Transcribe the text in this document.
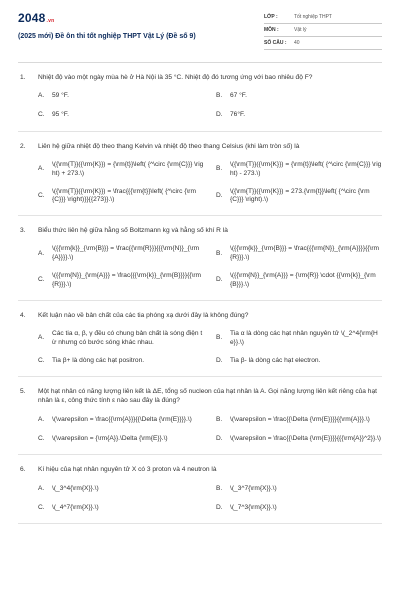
2048.vn
(2025 mới) Đề ôn thi tốt nghiệp THPT Vật Lý (Đề số 9)
LỚP :	Tốt nghiệp THPT
MÔN :	Vật lý
SỐ CÂU :	40
1.	Nhiệt độ vào một ngày mùa hè ở Hà Nội là 35 °C. Nhiệt độ đó tương ứng với bao nhiêu độ F?
A.	59 °F.	B.	67 °F.
C.	95 °F.	D.	76°F.
2.	Liên hệ giữa nhiệt độ theo thang Kelvin và nhiệt độ theo thang Celsius (khi làm tròn số) là
A.
\({\rm{T}}({\rm{K}}) = {\rm{t}}\left( {^\circ {\rm{C}}} \right) + 273.\)
B.
\({\rm{T}}({\rm{K}}) = {\rm{t}}\left( {^\circ {\rm{C}}} \right) - 273.\)
C.
\({\rm{T}}({\rm{K}}) = \frac{{{\rm{t}}\left( {^\circ {\rm{C}}} \right)}}{{273}}.\)
D.
\({\rm{T}}({\rm{K}}) = 273.{\rm{t}}\left( {^\circ {\rm{C}}} \right).\)
3.	Biểu thức liên hệ giữa hằng số Boltzmann kg và hằng số khí R là
A.
\({{\rm{k}}_{\rm{B}}} = \frac{{\rm{R}}}{{{\rm{N}}_{\rm{A}}}}.\)
B.
\({{\rm{k}}_{\rm{B}}} = \frac{{{\rm{N}}_{\rm{A}}}}{{\rm{R}}}.\)
C.
\({{\rm{N}}_{\rm{A}}} = \frac{{{\rm{k}}_{\rm{B}}}}{{\rm{R}}}.\)
D.
\({{\rm{N}}_{\rm{A}}} = {\rm{R}} \cdot {{\rm{k}}_{\rm{B}}}.\)
4.	Kết luận nào về bản chất của các tia phóng xạ dưới đây là không đúng?
A.
Các tia α, β, γ đều có chung bản chất là sóng điện từ nhưng có bước sóng khác nhau.
B.
Tia α là dòng các hạt nhân nguyên tử \(_2^4{\rm{He}}.\)
C.	Tia β+ là dòng các hạt positron.	D.	Tia β- là dòng các hạt electron.
5.	Một hạt nhân có năng lượng liên kết là ΔE, tổng số nucleon của hạt nhân là A. Gọi năng lượng liên kết riêng của hạt nhân là ε, công thức tính ε nào sau đây là đúng?
A.	\(\varepsilon = \frac{{\rm{A}}}{{\Delta {\rm{E}}}}.\)	B.	\(\varepsilon = \frac{{\Delta {\rm{E}}}}{{\rm{A}}}.\)
C.	\(\varepsilon = {\rm{A}}.\Delta {\rm{E}}.\)	D.	\(\varepsilon = \frac{{\Delta {\rm{E}}}}{{{\rm{A}}^2}}.\)
6.	Kí hiệu của hạt nhân nguyên tử X có 3 proton và 4 neutron là
A.	\(_3^4{\rm{X}}.\)	B.	\(_3^7{\rm{X}}.\)
C.	\(_4^7{\rm{X}}.\)	D.	\(_7^3{\rm{X}}.\)
